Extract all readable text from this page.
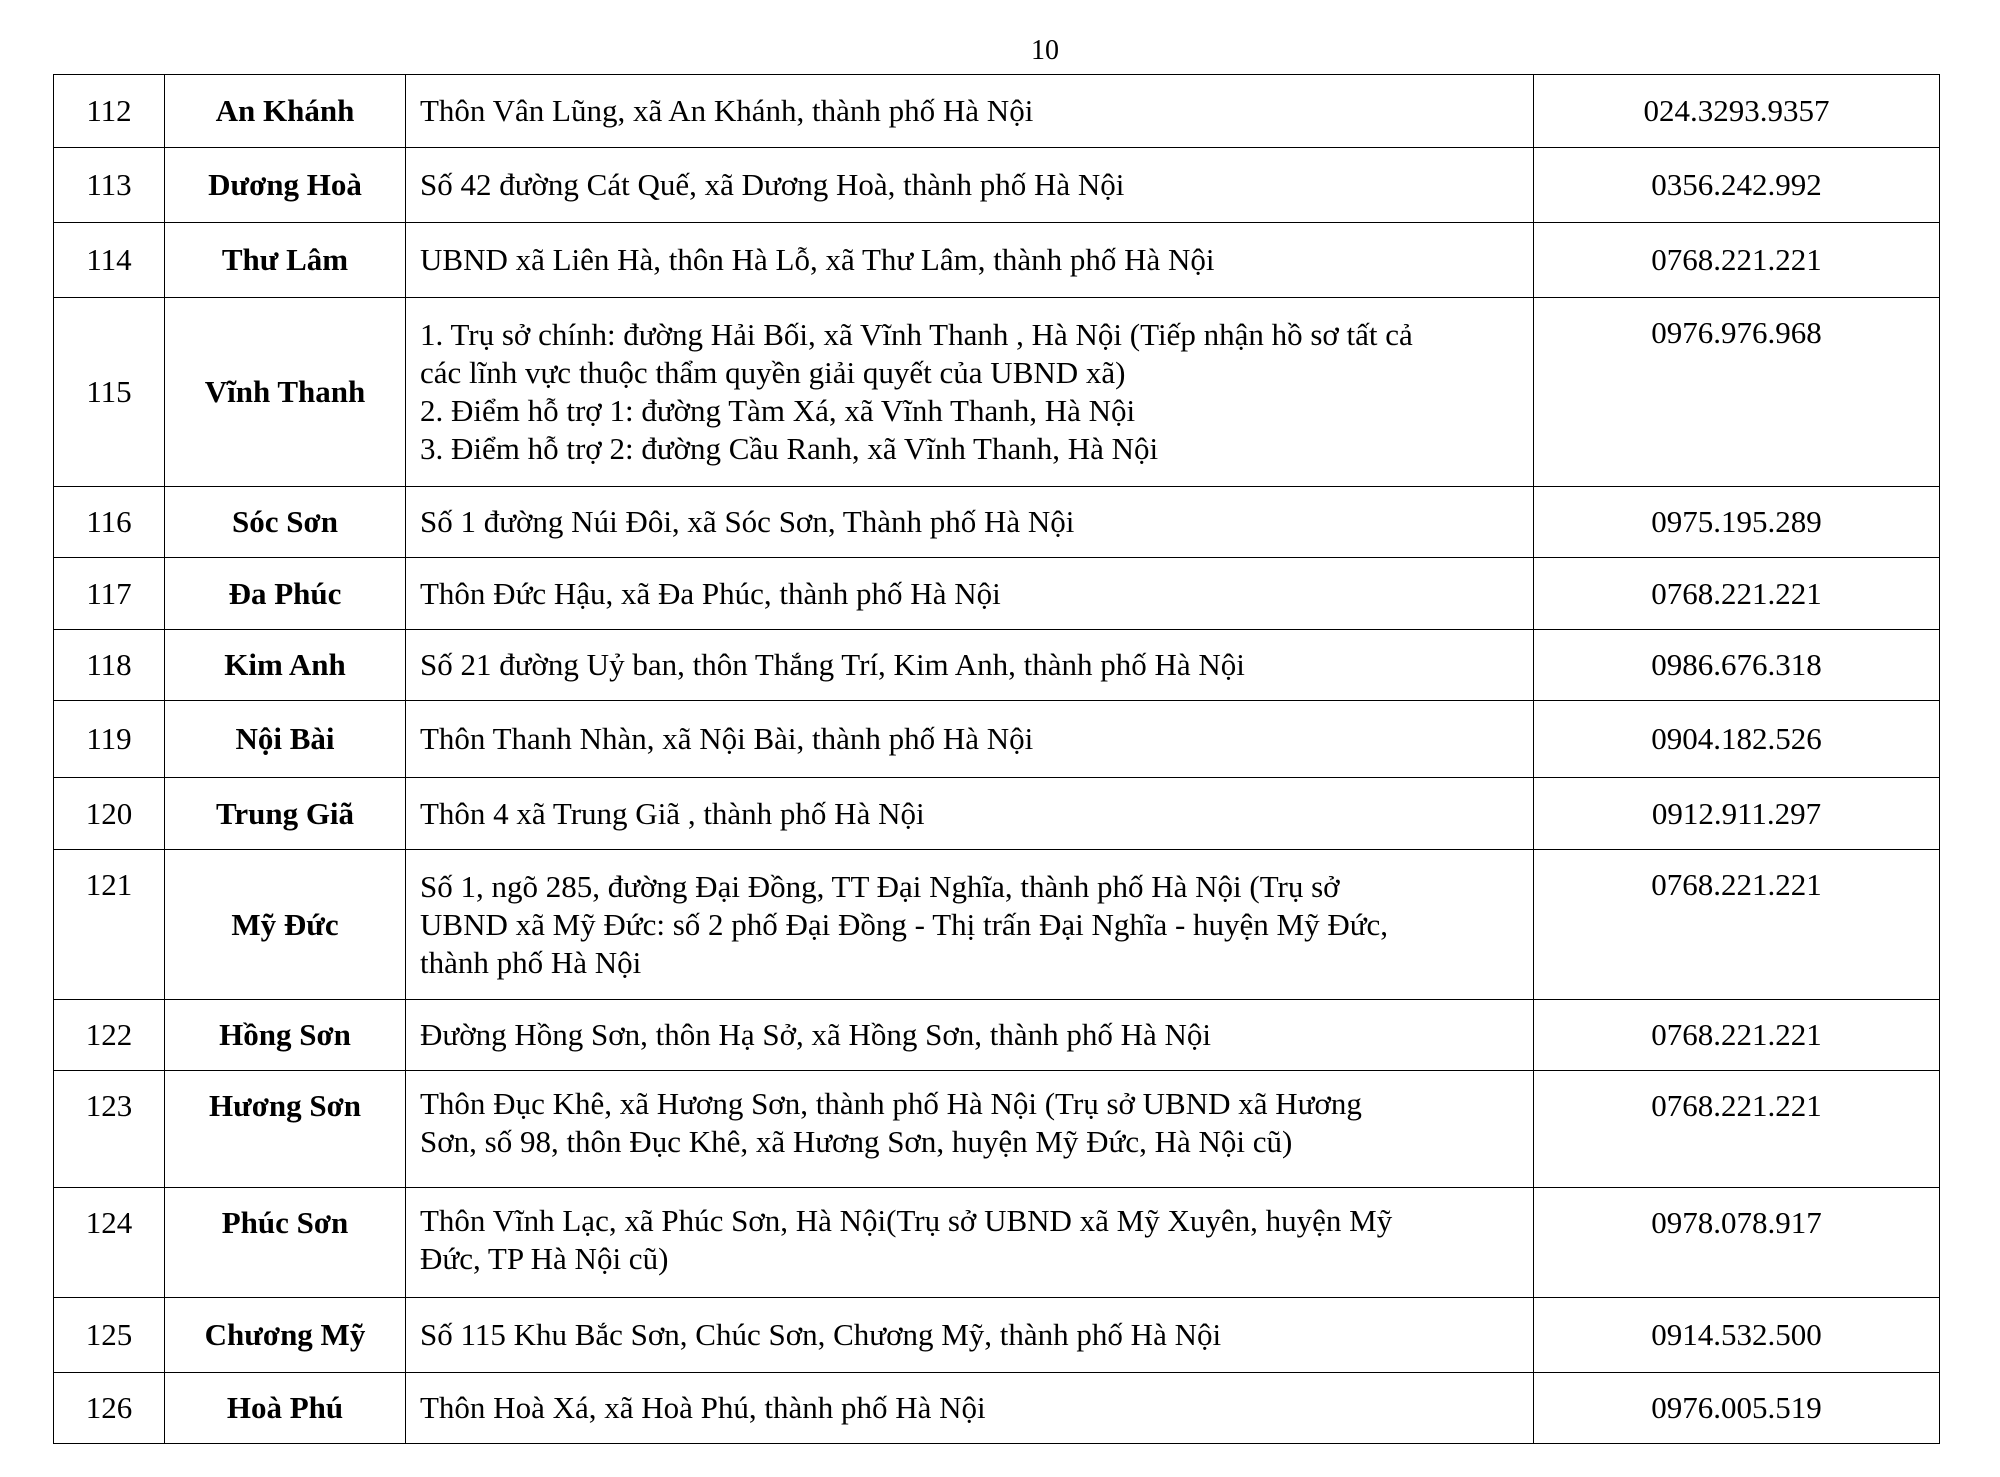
10
112	An Khánh	Thôn Vân Lũng, xã An Khánh, thành phố Hà Nội	024.3293.9357
113	Dương Hoà	Số 42 đường Cát Quế, xã Dương Hoà, thành phố Hà Nội	0356.242.992
114	Thư Lâm	UBND xã Liên Hà, thôn Hà Lỗ, xã Thư Lâm, thành phố Hà Nội	0768.221.221
115	Vĩnh Thanh	1. Trụ sở chính: đường Hải Bối, xã Vĩnh Thanh , Hà Nội (Tiếp nhận hồ sơ tất cả
các lĩnh vực thuộc thẩm quyền giải quyết của UBND xã)
2. Điểm hỗ trợ 1: đường Tàm Xá, xã Vĩnh Thanh, Hà Nội
3. Điểm hỗ trợ 2: đường Cầu Ranh, xã Vĩnh Thanh, Hà Nội	0976.976.968
116	Sóc Sơn	Số 1 đường Núi Đôi, xã Sóc Sơn, Thành phố Hà Nội	0975.195.289
117	Đa Phúc	Thôn Đức Hậu, xã Đa Phúc, thành phố Hà Nội	0768.221.221
118	Kim Anh	Số 21 đường Uỷ ban, thôn Thắng Trí, Kim Anh, thành phố Hà Nội	0986.676.318
119	Nội Bài	Thôn Thanh Nhàn, xã Nội Bài, thành phố Hà Nội	0904.182.526
120	Trung Giã	Thôn 4 xã Trung Giã , thành phố Hà Nội	0912.911.297
121	Mỹ Đức	Số 1, ngõ 285, đường Đại Đồng, TT Đại Nghĩa, thành phố Hà Nội (Trụ sở
UBND xã Mỹ Đức: số 2 phố Đại Đồng - Thị trấn Đại Nghĩa - huyện Mỹ Đức,
thành phố Hà Nội	0768.221.221
122	Hồng Sơn	Đường Hồng Sơn, thôn Hạ Sở, xã Hồng Sơn, thành phố Hà Nội	0768.221.221
123	Hương Sơn	Thôn Đục Khê, xã Hương Sơn, thành phố Hà Nội (Trụ sở UBND xã Hương
Sơn, số 98, thôn Đục Khê, xã Hương Sơn, huyện Mỹ Đức, Hà Nội cũ)	0768.221.221
124	Phúc Sơn	Thôn Vĩnh Lạc, xã Phúc Sơn, Hà Nội(Trụ sở UBND xã Mỹ Xuyên, huyện Mỹ
Đức, TP Hà Nội cũ)	0978.078.917
125	Chương Mỹ	Số 115 Khu Bắc Sơn, Chúc Sơn, Chương Mỹ, thành phố Hà Nội	0914.532.500
126	Hoà Phú	Thôn Hoà Xá, xã Hoà Phú, thành phố Hà Nội	0976.005.519
